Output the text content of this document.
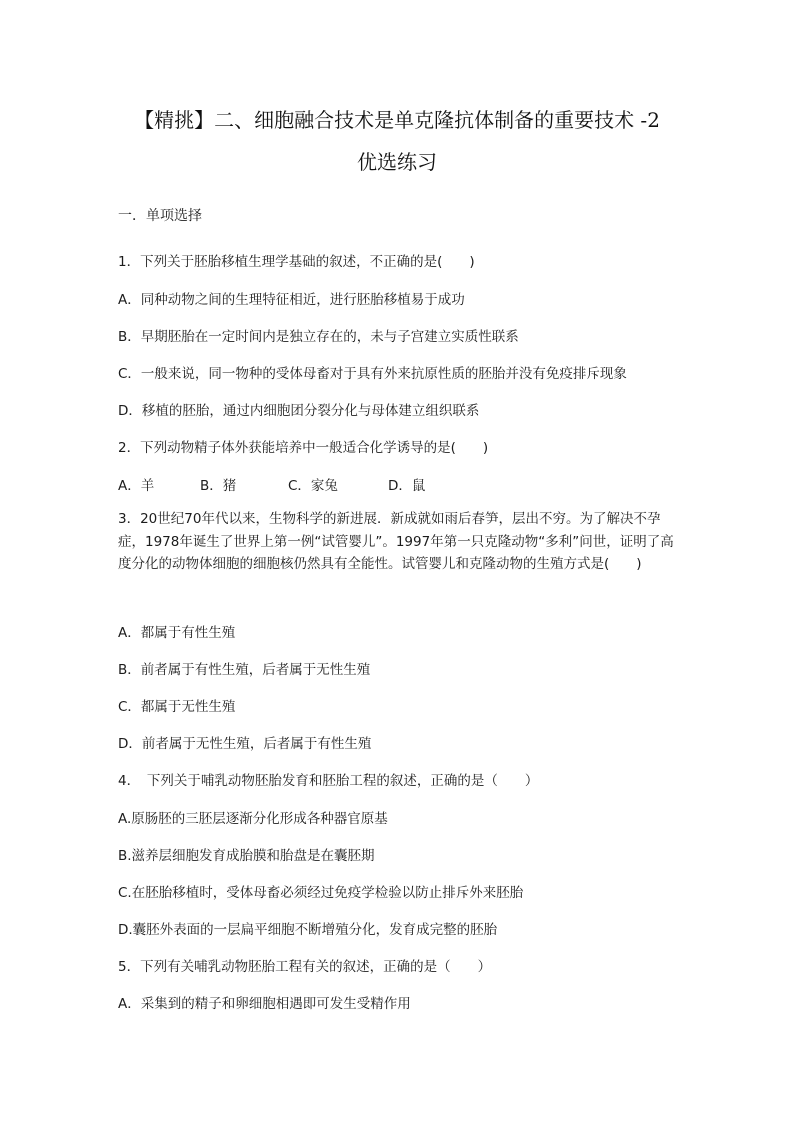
【精挑】二、细胞融合技术是单克隆抗体制备的重要技术 -2
优选练习
一．单项选择
1．下列关于胚胎移植生理学基础的叙述，不正确的是(　　)
A．同种动物之间的生理特征相近，进行胚胎移植易于成功
B．早期胚胎在一定时间内是独立存在的，未与子宫建立实质性联系
C．一般来说，同一物种的受体母畜对于具有外来抗原性质的胚胎并没有免疫排斥现象
D．移植的胚胎，通过内细胞团分裂分化与母体建立组织联系
2．下列动物精子体外获能培养中一般适合化学诱导的是(　　)
A．羊	B．猪	C．家兔	D．鼠
3．20世纪70年代以来，生物科学的新进展．新成就如雨后春笋，层出不穷。为了解决不孕症，1978年诞生了世界上第一例“试管婴儿”。1997年第一只克隆动物“多利”问世，证明了高度分化的动物体细胞的细胞核仍然具有全能性。试管婴儿和克隆动物的生殖方式是(　　)
A．都属于有性生殖
B．前者属于有性生殖，后者属于无性生殖
C．都属于无性生殖
D．前者属于无性生殖，后者属于有性生殖
4．　下列关于哺乳动物胚胎发育和胚胎工程的叙述，正确的是（　　）
A.原肠胚的三胚层逐渐分化形成各种器官原基
B.滋养层细胞发育成胎膜和胎盘是在囊胚期
C.在胚胎移植时，受体母畜必须经过免疫学检验以防止排斥外来胚胎
D.囊胚外表面的一层扁平细胞不断增殖分化，发育成完整的胚胎
5．下列有关哺乳动物胚胎工程有关的叙述，正确的是（　　）
A．采集到的精子和卵细胞相遇即可发生受精作用
